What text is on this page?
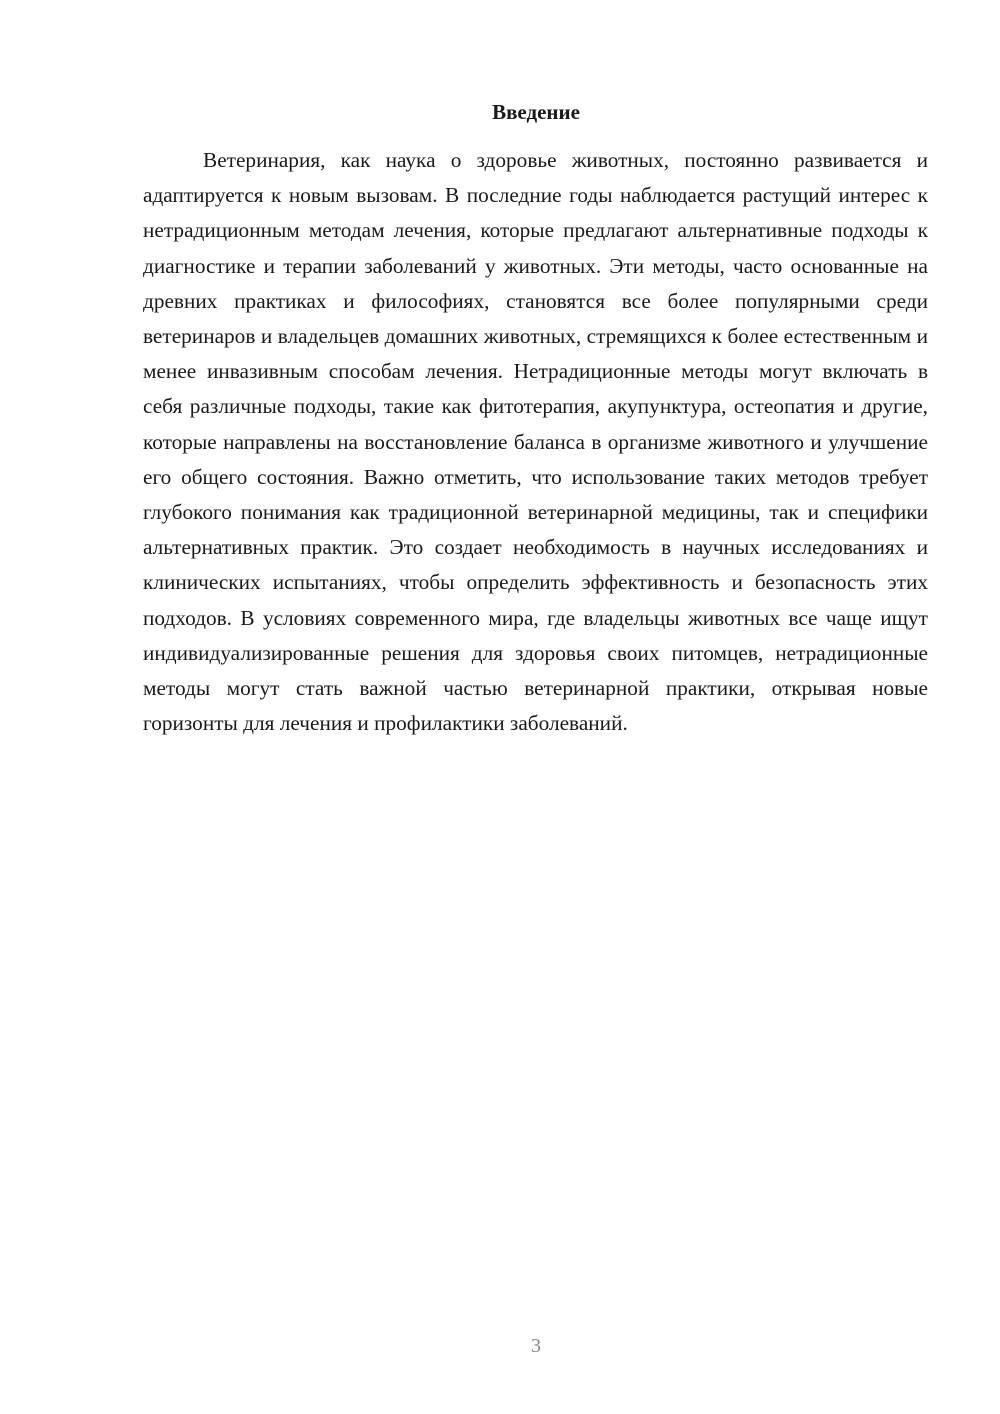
Введение

Ветеринария, как наука о здоровье животных, постоянно развивается и адаптируется к новым вызовам. В последние годы наблюдается растущий интерес к нетрадиционным методам лечения, которые предлагают альтернативные подходы к диагностике и терапии заболеваний у животных. Эти методы, часто основанные на древних практиках и философиях, становятся все более популярными среди ветеринаров и владельцев домашних животных, стремящихся к более естественным и менее инвазивным способам лечения. Нетрадиционные методы могут включать в себя различные подходы, такие как фитотерапия, акупунктура, остеопатия и другие, которые направлены на восстановление баланса в организме животного и улучшение его общего состояния. Важно отметить, что использование таких методов требует глубокого понимания как традиционной ветеринарной медицины, так и специфики альтернативных практик. Это создает необходимость в научных исследованиях и клинических испытаниях, чтобы определить эффективность и безопасность этих подходов. В условиях современного мира, где владельцы животных все чаще ищут индивидуализированные решения для здоровья своих питомцев, нетрадиционные методы могут стать важной частью ветеринарной практики, открывая новые горизонты для лечения и профилактики заболеваний.

3
